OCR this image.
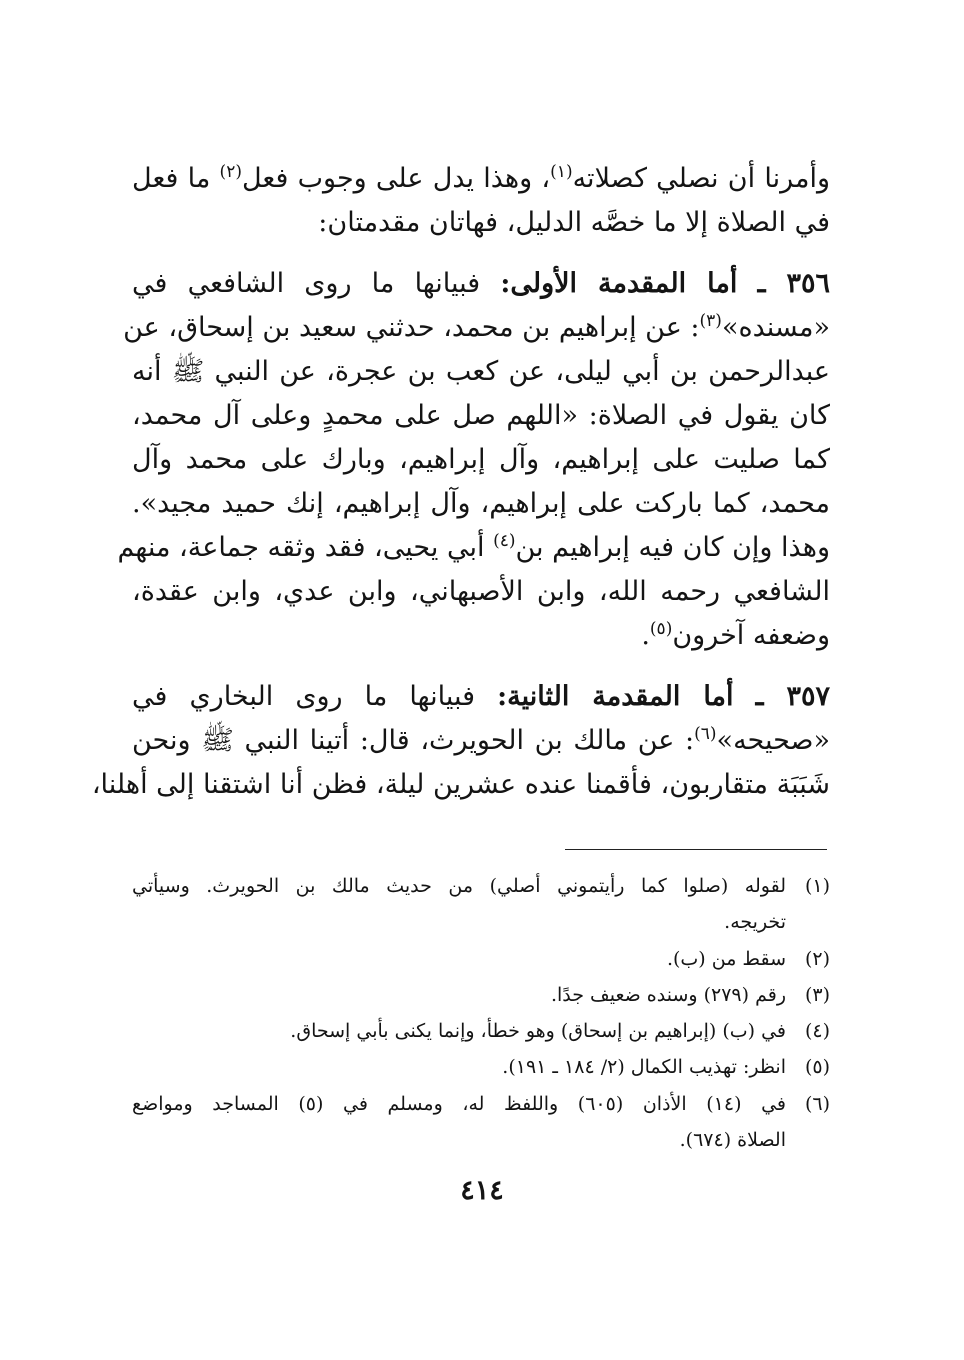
وأمرنا أن نصلي كصلاته$^{(١)}$، وهذا يدل على وجوب فعل$^{(٢)}$ ما فعل
في الصلاة إلا ما خصَّه الدليل، فهاتان مقدمتان:
٣٥٦ ـ أما المقدمة الأولى: فبيانها ما روى الشافعي في
«مسنده»$^{(٣)}$: عن إبراهيم بن محمد، حدثني سعيد بن إسحاق، عن
عبدالرحمن بن أبي ليلى، عن كعب بن عجرة، عن النبي ﷺ أنه
كان يقول في الصلاة: «اللهم صل على محمدٍ وعلى آل محمد،
كما صليت على إبراهيم، وآل إبراهيم، وبارك على محمد وآل
محمد، كما باركت على إبراهيم، وآل إبراهيم، إنك حميد مجيد».
وهذا وإن كان فيه إبراهيم بن$^{(٤)}$ أبي يحيى، فقد وثقه جماعة، منهم
الشافعي رحمه الله، وابن الأصبهاني، وابن عدي، وابن عقدة،
وضعفه آخرون$^{(٥)}$.
٣٥٧ ـ أما المقدمة الثانية: فبيانها ما روى البخاري في
«صحيحه»$^{(٦)}$: عن مالك بن الحويرث، قال: أتينا النبي ﷺ ونحن
شَبَبَة متقاربون، فأقمنا عنده عشرين ليلة، فظن أنا اشتقنا إلى أهلنا،
(١)
لقوله (صلوا كما رأيتموني أصلي) من حديث مالك بن الحويرث. وسيأتي
تخريجه.
(٢)
سقط من (ب).
(٣)
رقم (٢٧٩) وسنده ضعيف جدًا.
(٤)
في (ب) (إبراهيم بن إسحاق) وهو خطأ، وإنما يكنى بأبي إسحاق.
(٥)
انظر: تهذيب الكمال (٢/ ١٨٤ ـ ١٩١).
(٦)
في (١٤) الأذان (٦٠٥) واللفظ له، ومسلم في (٥) المساجد ومواضع
الصلاة (٦٧٤).
٤١٤
